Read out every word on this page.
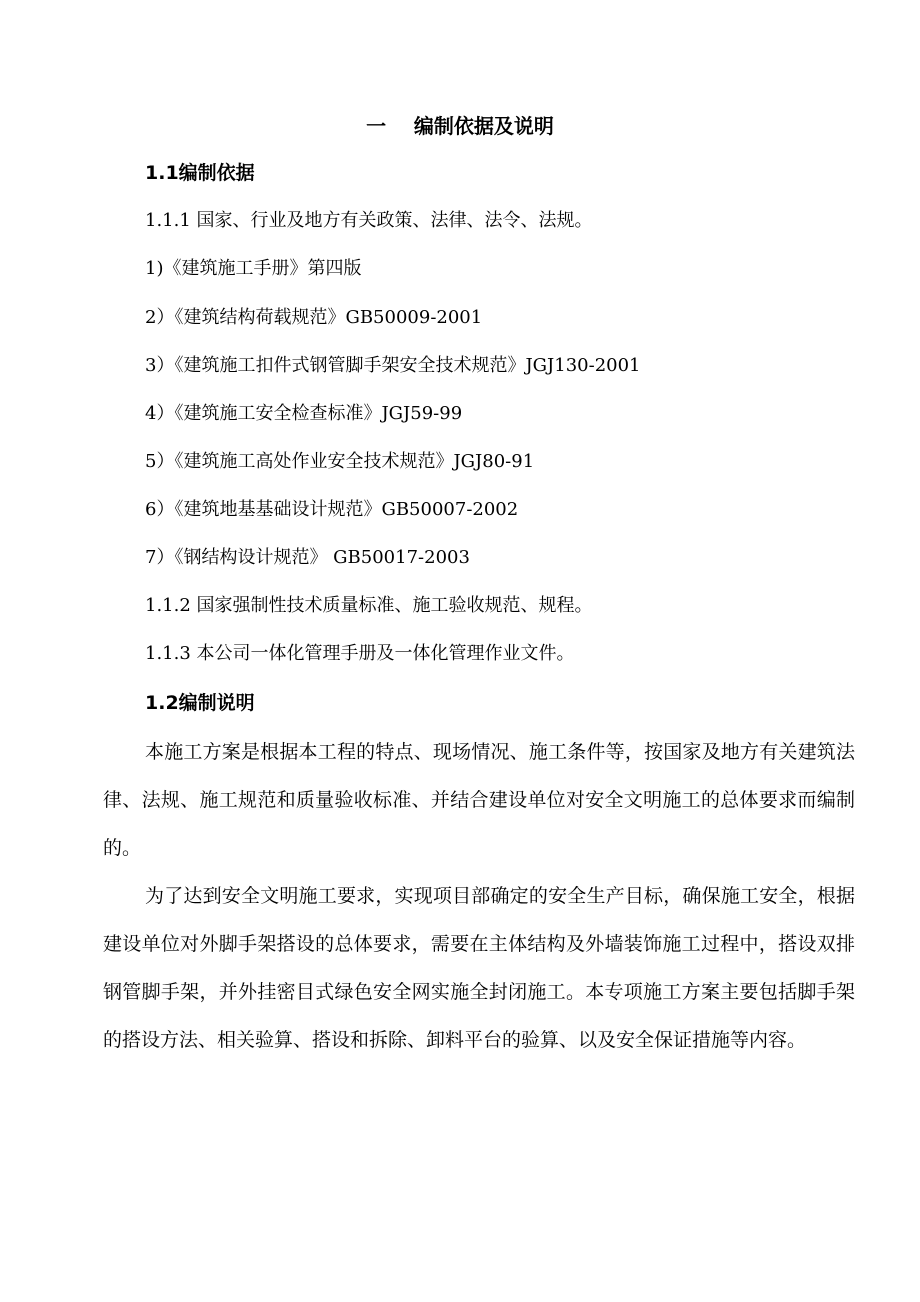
一    编制依据及说明
1.1编制依据
1.1.1 国家、行业及地方有关政策、法律、法令、法规。
1)《建筑施工手册》第四版
2）《建筑结构荷载规范》GB50009-2001
3）《建筑施工扣件式钢管脚手架安全技术规范》JGJ130-2001
4）《建筑施工安全检查标准》JGJ59-99
5）《建筑施工高处作业安全技术规范》JGJ80-91
6）《建筑地基基础设计规范》GB50007-2002
7）《钢结构设计规范》 GB50017-2003
1.1.2 国家强制性技术质量标准、施工验收规范、规程。
1.1.3 本公司一体化管理手册及一体化管理作业文件。
1.2编制说明
本施工方案是根据本工程的特点、现场情况、施工条件等，按国家及地方有关建筑法律、法规、施工规范和质量验收标准、并结合建设单位对安全文明施工的总体要求而编制的。
为了达到安全文明施工要求，实现项目部确定的安全生产目标，确保施工安全，根据建设单位对外脚手架搭设的总体要求，需要在主体结构及外墙装饰施工过程中，搭设双排钢管脚手架，并外挂密目式绿色安全网实施全封闭施工。本专项施工方案主要包括脚手架的搭设方法、相关验算、搭设和拆除、卸料平台的验算、以及安全保证措施等内容。
